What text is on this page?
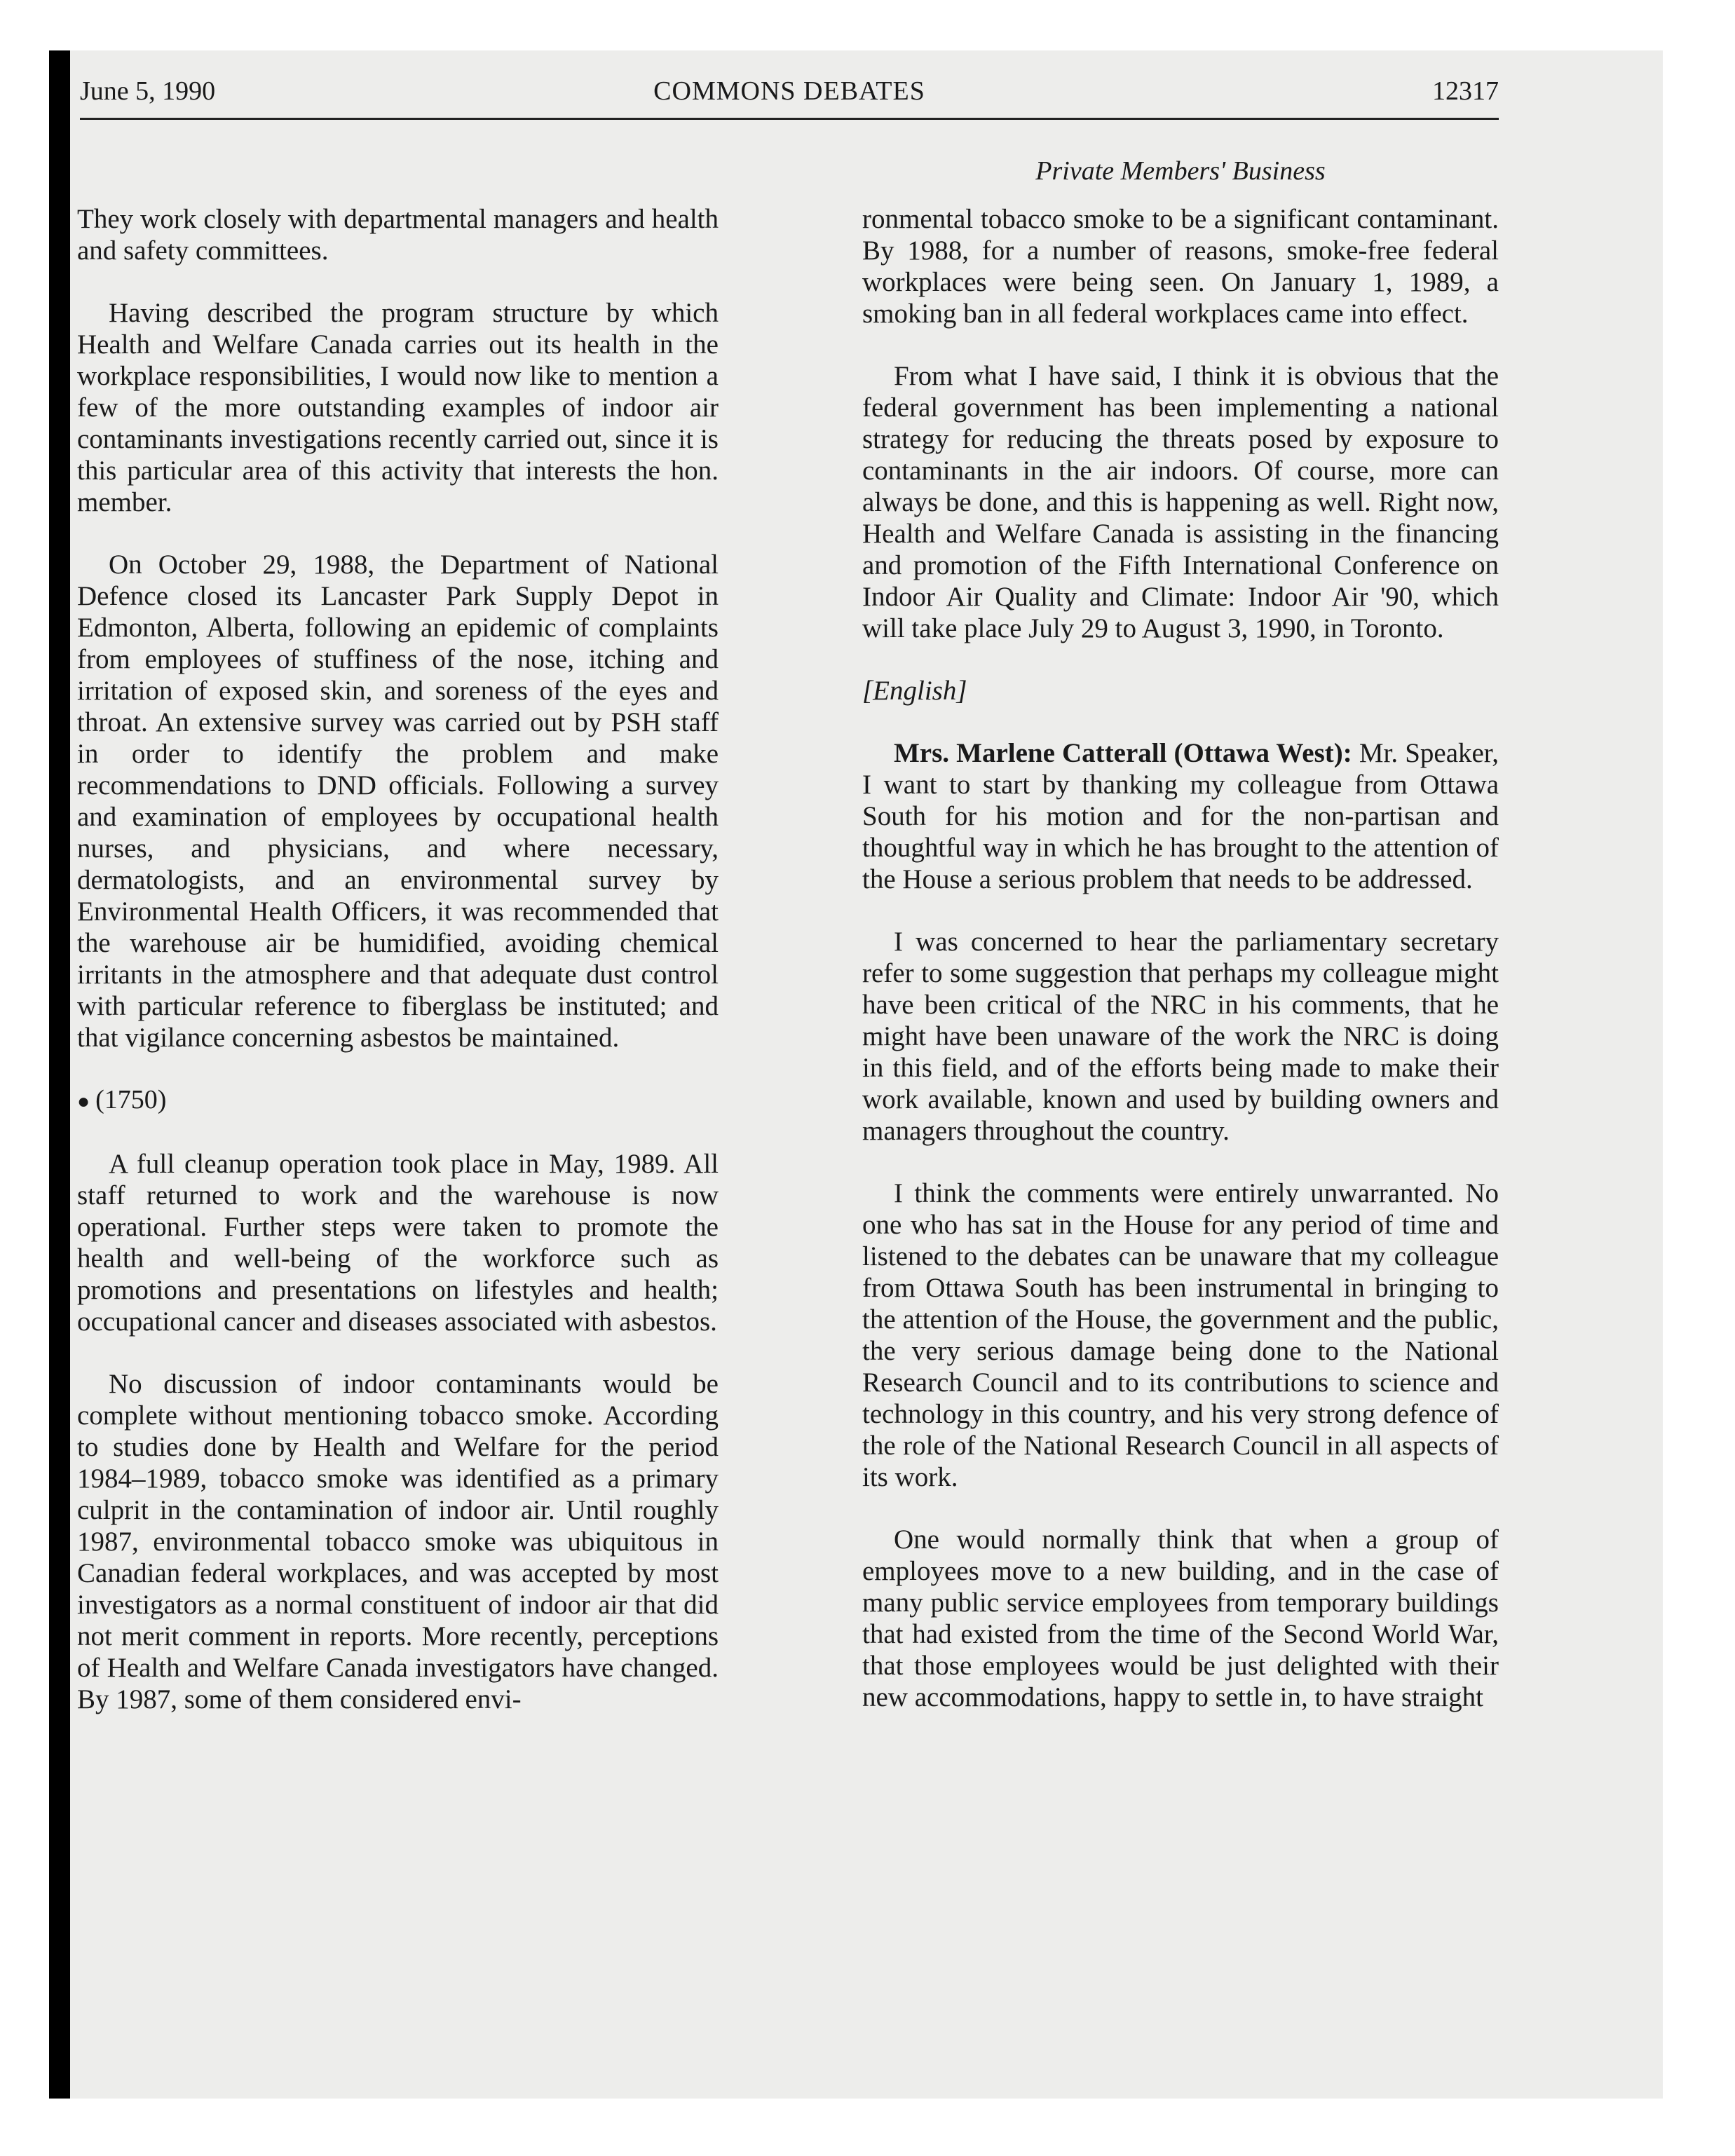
June 5, 1990	COMMONS DEBATES	12317
Private Members' Business

They work closely with departmental managers and health and safety committees.

Having described the program structure by which Health and Welfare Canada carries out its health in the workplace responsibilities, I would now like to mention a few of the more outstanding examples of indoor air contaminants investigations recently carried out, since it is this particular area of this activity that interests the hon. member.

On October 29, 1988, the Department of National Defence closed its Lancaster Park Supply Depot in Edmonton, Alberta, following an epidemic of complaints from employees of stuffiness of the nose, itching and irritation of exposed skin, and soreness of the eyes and throat. An extensive survey was carried out by PSH staff in order to identify the problem and make recommendations to DND officials. Following a survey and examination of employees by occupational health nurses, and physicians, and where necessary, dermatologists, and an environmental survey by Environmental Health Officers, it was recommended that the warehouse air be humidified, avoiding chemical irritants in the atmosphere and that adequate dust control with particular reference to fiberglass be instituted; and that vigilance concerning asbestos be maintained.

● (1750)

A full cleanup operation took place in May, 1989. All staff returned to work and the warehouse is now operational. Further steps were taken to promote the health and well-being of the workforce such as promotions and presentations on lifestyles and health; occupational cancer and diseases associated with asbestos.

No discussion of indoor contaminants would be complete without mentioning tobacco smoke. According to studies done by Health and Welfare for the period 1984–1989, tobacco smoke was identified as a primary culprit in the contamination of indoor air. Until roughly 1987, environmental tobacco smoke was ubiquitous in Canadian federal workplaces, and was accepted by most investigators as a normal constituent of indoor air that did not merit comment in reports. More recently, perceptions of Health and Welfare Canada investigators have changed. By 1987, some of them considered envi-

ronmental tobacco smoke to be a significant contaminant. By 1988, for a number of reasons, smoke-free federal workplaces were being seen. On January 1, 1989, a smoking ban in all federal workplaces came into effect.

From what I have said, I think it is obvious that the federal government has been implementing a national strategy for reducing the threats posed by exposure to contaminants in the air indoors. Of course, more can always be done, and this is happening as well. Right now, Health and Welfare Canada is assisting in the financing and promotion of the Fifth International Conference on Indoor Air Quality and Climate: Indoor Air '90, which will take place July 29 to August 3, 1990, in Toronto.

[English]

Mrs. Marlene Catterall (Ottawa West): Mr. Speaker, I want to start by thanking my colleague from Ottawa South for his motion and for the non-partisan and thoughtful way in which he has brought to the attention of the House a serious problem that needs to be addressed.

I was concerned to hear the parliamentary secretary refer to some suggestion that perhaps my colleague might have been critical of the NRC in his comments, that he might have been unaware of the work the NRC is doing in this field, and of the efforts being made to make their work available, known and used by building owners and managers throughout the country.

I think the comments were entirely unwarranted. No one who has sat in the House for any period of time and listened to the debates can be unaware that my colleague from Ottawa South has been instrumental in bringing to the attention of the House, the government and the public, the very serious damage being done to the National Research Council and to its contributions to science and technology in this country, and his very strong defence of the role of the National Research Council in all aspects of its work.

One would normally think that when a group of employees move to a new building, and in the case of many public service employees from temporary buildings that had existed from the time of the Second World War, that those employees would be just delighted with their new accommodations, happy to settle in, to have straight
